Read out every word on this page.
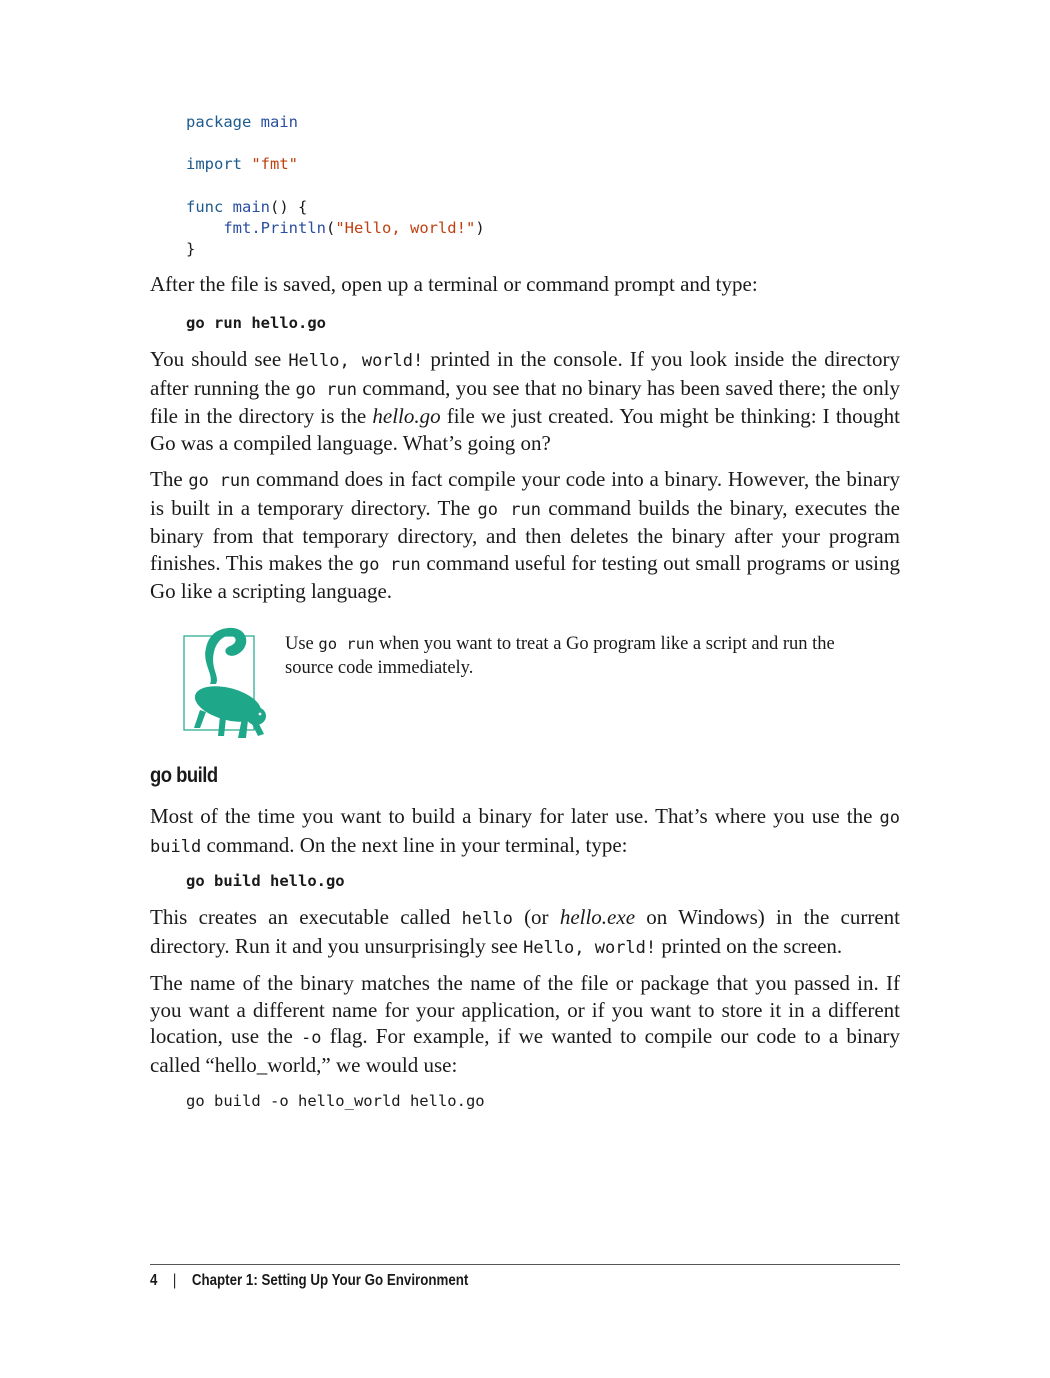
package main

import "fmt"

func main() {
fmt.Println("Hello, world!")
}

After the file is saved, open up a terminal or command prompt and type:

go run hello.go

You should see Hello, world! printed in the console. If you look inside the directory after running the go run command, you see that no binary has been saved there; the only file in the directory is the hello.go file we just created. You might be thinking: I thought Go was a compiled language. What’s going on?

The go run command does in fact compile your code into a binary. However, the binary is built in a temporary directory. The go run command builds the binary, executes the binary from that temporary directory, and then deletes the binary after your program finishes. This makes the go run command useful for testing out small programs or using Go like a scripting language.

Use go run when you want to treat a Go program like a script and run the source code immediately.

go build

Most of the time you want to build a binary for later use. That’s where you use the go build command. On the next line in your terminal, type:

go build hello.go

This creates an executable called hello (or hello.exe on Windows) in the current directory. Run it and you unsurprisingly see Hello, world! printed on the screen.

The name of the binary matches the name of the file or package that you passed in. If you want a different name for your application, or if you want to store it in a different location, use the -o flag. For example, if we wanted to compile our code to a binary called “hello_world,” we would use:

go build -o hello_world hello.go
4 | Chapter 1: Setting Up Your Go Environment
